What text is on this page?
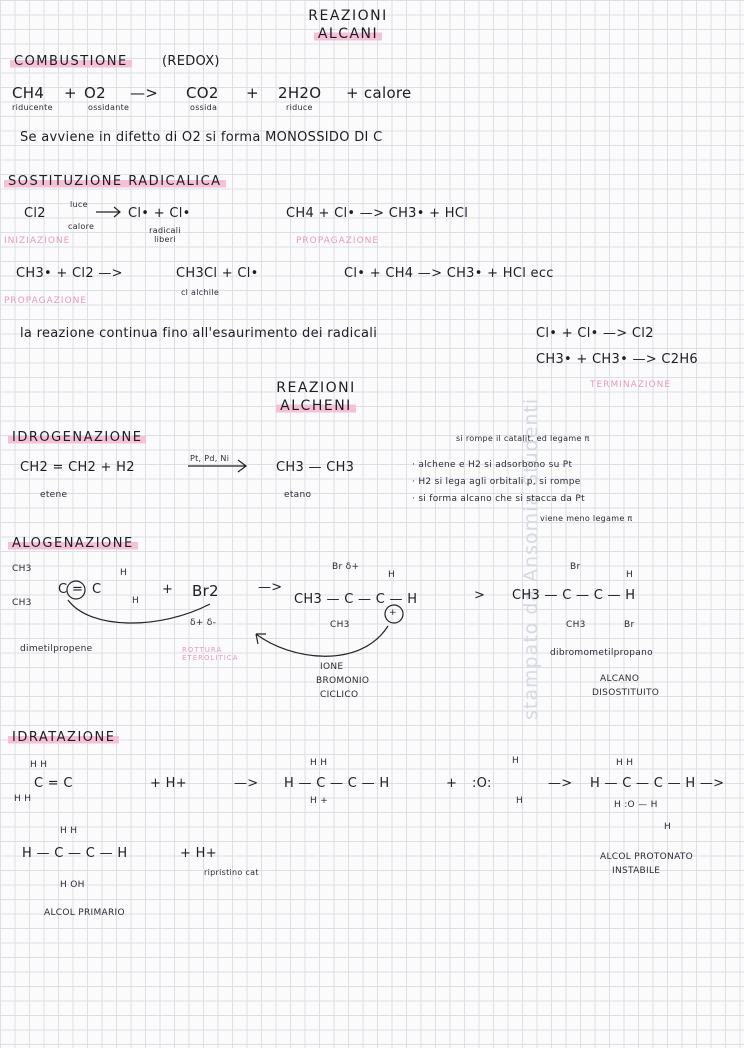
stampato da Ansomia Studenti
REAZIONI
ALCANI
COMBUSTIONE	(REDOX)
CH4 + O2 —> CO2 + 2H2O + calore
riducente	ossidante	ossida	riduce
Se avviene in difetto di O2 si forma MONOSSIDO DI C
SOSTITUZIONE RADICALICA
Cl2
luce
calore
Cl• + Cl•
radicali liberi
INIZIAZIONE
CH4 + Cl• —> CH3• + HCl
PROPAGAZIONE
CH3• + Cl2 —>	CH3Cl + Cl•
cl alchile
PROPAGAZIONE
Cl• + CH4 —> CH3• + HCl ecc
la reazione continua fino all'esaurimento dei radicali	Cl• + Cl• —> Cl2
CH3• + CH3• —> C2H6
TERMINAZIONE
REAZIONI
ALCHENI
IDROGENAZIONE
CH2 = CH2 + H2
Pt, Pd, Ni
CH3 — CH3
etene	etano
si rompe il catalit. ed legame π
· alchene e H2 si adsorbono su Pt
· H2 si lega agli orbitali p, si rompe
· si forma alcano che si stacca da Pt
viene meno legame π
ALOGENAZIONE
CH3
CH3
C = C
H
H
+ Br2
δ+ δ-
ROTTURA ETEROLITICA
dimetilpropene
—>
Br δ+
H
CH3 — C — C — H
CH3
+
IONE
BROMONIO
CICLICO
>
Br
H
CH3 — C — C — H
CH3	Br
dibromometilpropano
ALCANO
DISOSTITUITO
IDRATAZIONE
H H
C = C
H H
+ H+	—>
H H
H — C — C — H
H +
+ :O:
H
H
—>
H H
H — C — C — H —>
H :O — H
H
ALCOL PROTONATO
INSTABILE
H H
H — C — C — H
H OH
+ H+
ripristino cat
ALCOL PRIMARIO
